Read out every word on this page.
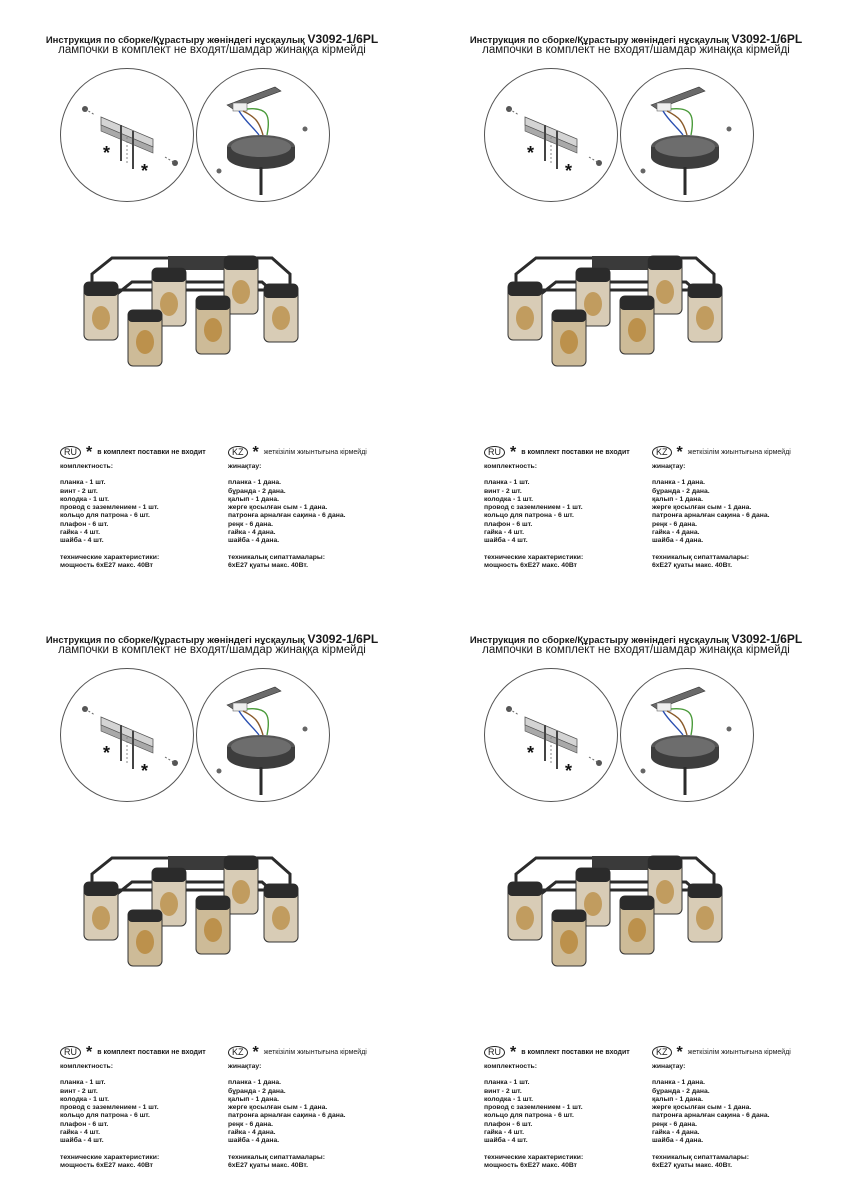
Инструкция по сборке/Құрастыру жөніндегі нұсқаулық V3092-1/6PL
лампочки в комплект не входят/шамдар жинаққа кірмейді
*
*
RU * в комплект поставки не входит	KZ * жеткізілім жиынтығына кірмейді
комплектность:
планка - 1 шт.
винт - 2 шт.
колодка - 1 шт.
провод с заземлением - 1 шт.
кольцо для патрона - 6 шт.
плафон - 6 шт.
гайка - 4 шт.
шайба - 4 шт.
технические характеристики:
мощность 6xE27 макс. 40Вт
жинақтау:
планка - 1 дана.
бұранда - 2 дана.
қалып - 1 дана.
жерге қосылған сым - 1 дана.
патронға арналған сақина - 6 дана.
реңк - 6 дана.
гайка - 4 дана.
шайба - 4 дана.
техникалық сипаттамалары:
6xE27 қуаты макс. 40Вт.
Инструкция по сборке/Құрастыру жөніндегі нұсқаулық V3092-1/6PL
лампочки в комплект не входят/шамдар жинаққа кірмейді
*
*
RU * в комплект поставки не входит	KZ * жеткізілім жиынтығына кірмейді
комплектность:
планка - 1 шт.
винт - 2 шт.
колодка - 1 шт.
провод с заземлением - 1 шт.
кольцо для патрона - 6 шт.
плафон - 6 шт.
гайка - 4 шт.
шайба - 4 шт.
технические характеристики:
мощность 6xE27 макс. 40Вт
жинақтау:
планка - 1 дана.
бұранда - 2 дана.
қалып - 1 дана.
жерге қосылған сым - 1 дана.
патронға арналған сақина - 6 дана.
реңк - 6 дана.
гайка - 4 дана.
шайба - 4 дана.
техникалық сипаттамалары:
6xE27 қуаты макс. 40Вт.
Инструкция по сборке/Құрастыру жөніндегі нұсқаулық V3092-1/6PL
лампочки в комплект не входят/шамдар жинаққа кірмейді
*
*
RU * в комплект поставки не входит	KZ * жеткізілім жиынтығына кірмейді
комплектность:
планка - 1 шт.
винт - 2 шт.
колодка - 1 шт.
провод с заземлением - 1 шт.
кольцо для патрона - 6 шт.
плафон - 6 шт.
гайка - 4 шт.
шайба - 4 шт.
технические характеристики:
мощность 6xE27 макс. 40Вт
жинақтау:
планка - 1 дана.
бұранда - 2 дана.
қалып - 1 дана.
жерге қосылған сым - 1 дана.
патронға арналған сақина - 6 дана.
реңк - 6 дана.
гайка - 4 дана.
шайба - 4 дана.
техникалық сипаттамалары:
6xE27 қуаты макс. 40Вт.
Инструкция по сборке/Құрастыру жөніндегі нұсқаулық V3092-1/6PL
лампочки в комплект не входят/шамдар жинаққа кірмейді
*
*
RU * в комплект поставки не входит	KZ * жеткізілім жиынтығына кірмейді
комплектность:
планка - 1 шт.
винт - 2 шт.
колодка - 1 шт.
провод с заземлением - 1 шт.
кольцо для патрона - 6 шт.
плафон - 6 шт.
гайка - 4 шт.
шайба - 4 шт.
технические характеристики:
мощность 6xE27 макс. 40Вт
жинақтау:
планка - 1 дана.
бұранда - 2 дана.
қалып - 1 дана.
жерге қосылған сым - 1 дана.
патронға арналған сақина - 6 дана.
реңк - 6 дана.
гайка - 4 дана.
шайба - 4 дана.
техникалық сипаттамалары:
6xE27 қуаты макс. 40Вт.
